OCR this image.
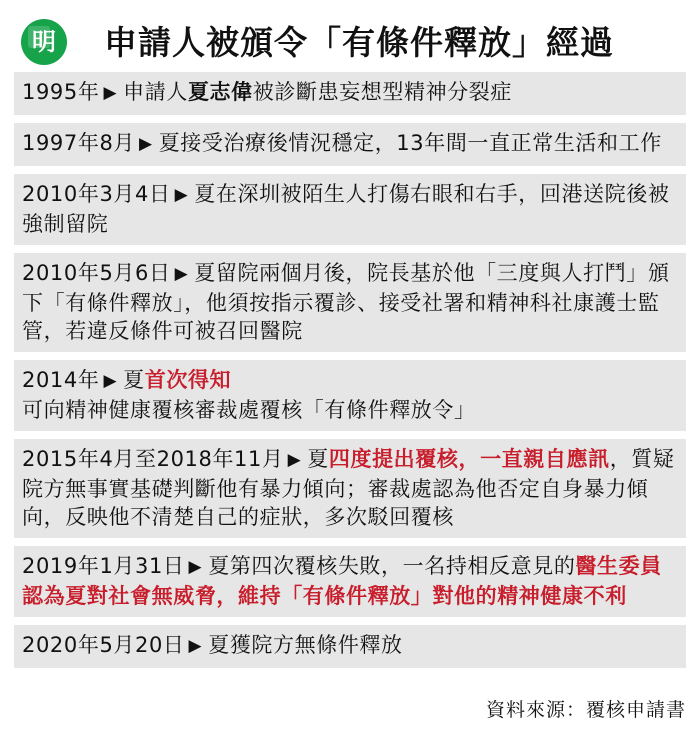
明 申請人被頒令「有條件釋放」經過
1995年 ▶ 申請人夏志偉被診斷患妄想型精神分裂症
1997年8月 ▶ 夏接受治療後情況穩定，13年間一直正常生活和工作
2010年3月4日 ▶ 夏在深圳被陌生人打傷右眼和右手，回港送院後被強制留院
2010年5月6日 ▶ 夏留院兩個月後，院長基於他「三度與人打鬥」頒下「有條件釋放」，他須按指示覆診、接受社署和精神科社康護士監管，若違反條件可被召回醫院
2014年 ▶ 夏首次得知可向精神健康覆核審裁處覆核「有條件釋放令」
2015年4月至2018年11月 ▶ 夏四度提出覆核，一直親自應訊，質疑院方無事實基礎判斷他有暴力傾向；審裁處認為他否定自身暴力傾向，反映他不清楚自己的症狀，多次駁回覆核
2019年1月31日 ▶ 夏第四次覆核失敗，一名持相反意見的醫生委員認為夏對社會無威脅，維持「有條件釋放」對他的精神健康不利
2020年5月20日 ▶ 夏獲院方無條件釋放
資料來源：覆核申請書
